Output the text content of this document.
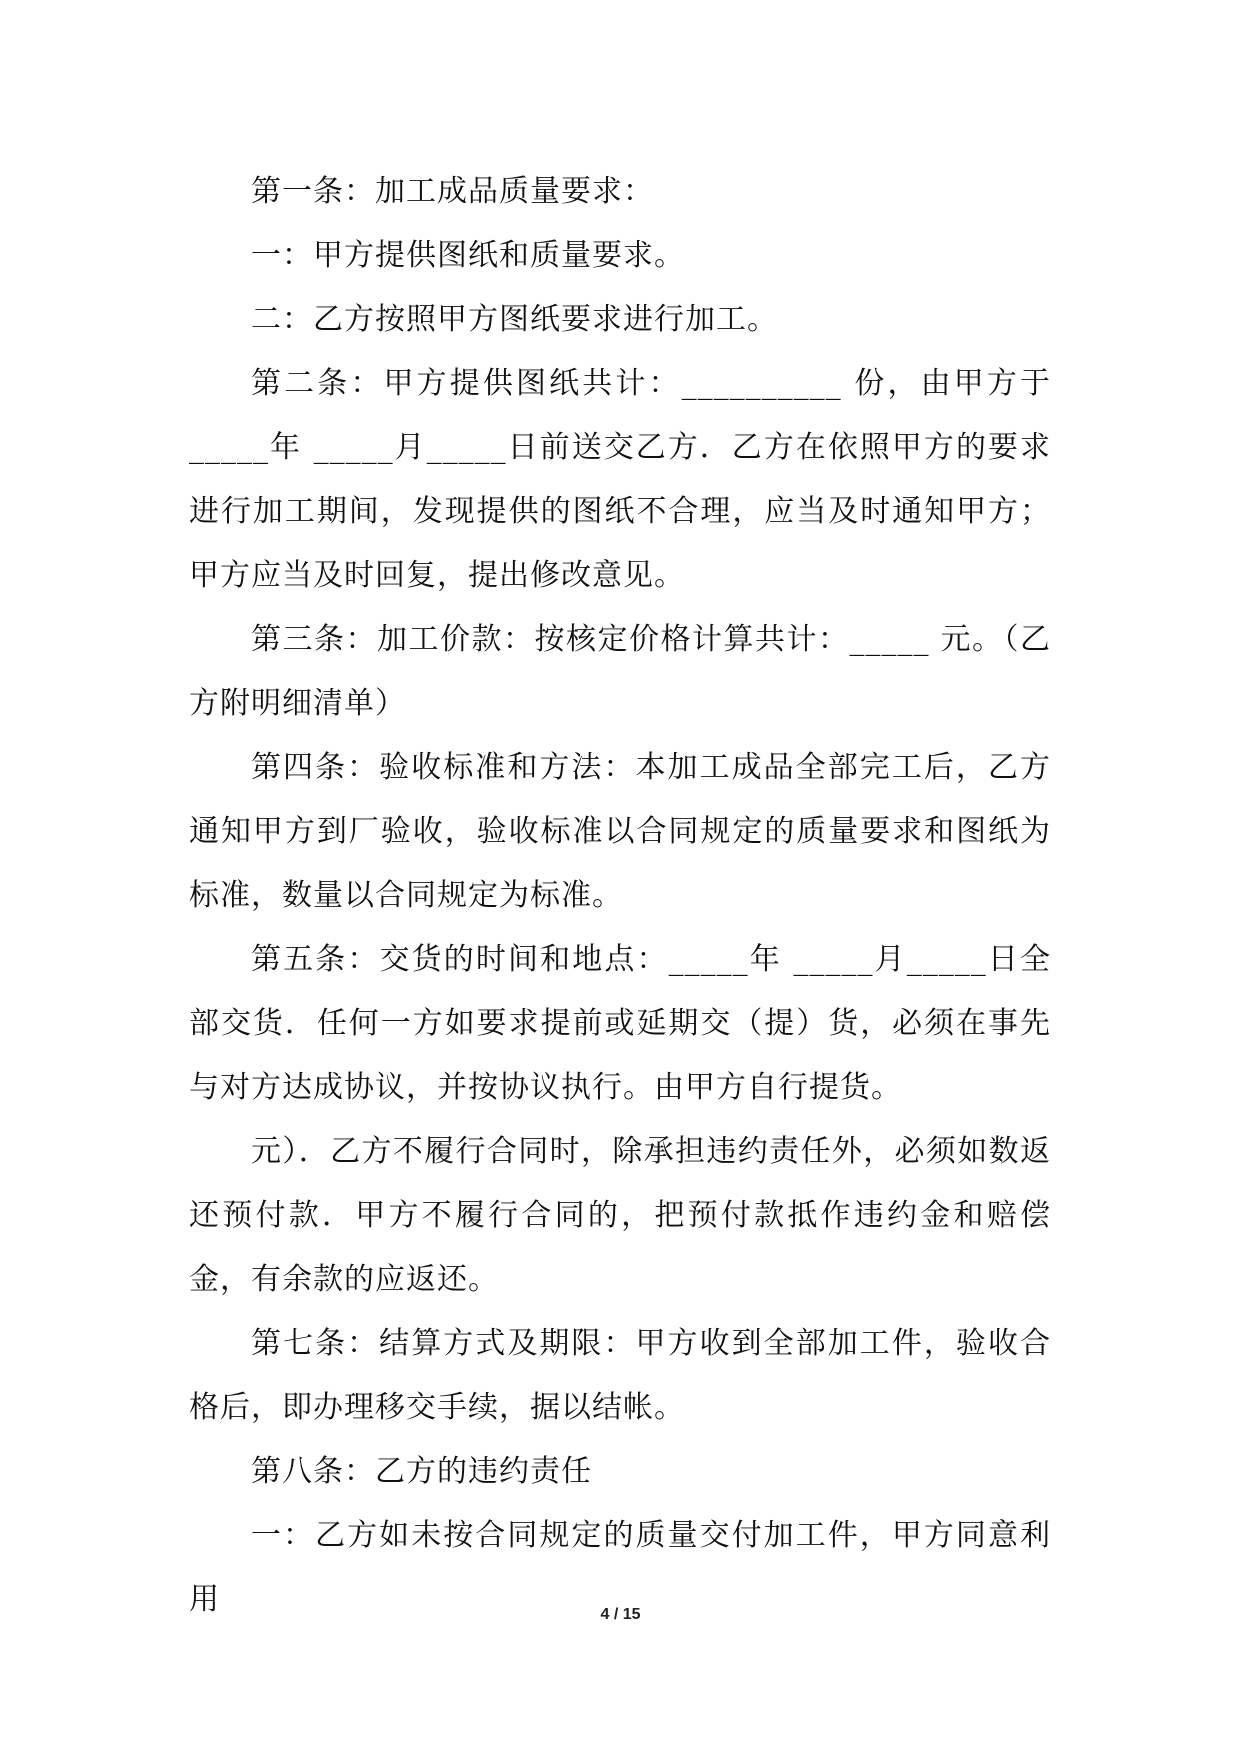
第一条：加工成品质量要求：

一：甲方提供图纸和质量要求。

二：乙方按照甲方图纸要求进行加工。

第二条：甲方提供图纸共计：__________ 份，由甲方于_____年 _____月_____日前送交乙方．乙方在依照甲方的要求进行加工期间，发现提供的图纸不合理，应当及时通知甲方；甲方应当及时回复，提出修改意见。

第三条：加工价款：按核定价格计算共计：_____ 元。（乙方附明细清单）

第四条：验收标准和方法：本加工成品全部完工后，乙方通知甲方到厂验收，验收标准以合同规定的质量要求和图纸为标准，数量以合同规定为标准。

第五条：交货的时间和地点：_____年 _____月_____日全部交货．任何一方如要求提前或延期交（提）货，必须在事先与对方达成协议，并按协议执行。由甲方自行提货。

元）．乙方不履行合同时，除承担违约责任外，必须如数返还预付款．甲方不履行合同的，把预付款抵作违约金和赔偿金，有余款的应返还。

第七条：结算方式及期限：甲方收到全部加工件，验收合格后，即办理移交手续，据以结帐。

第八条：乙方的违约责任

一：乙方如未按合同规定的质量交付加工件，甲方同意利用	4 / 15
